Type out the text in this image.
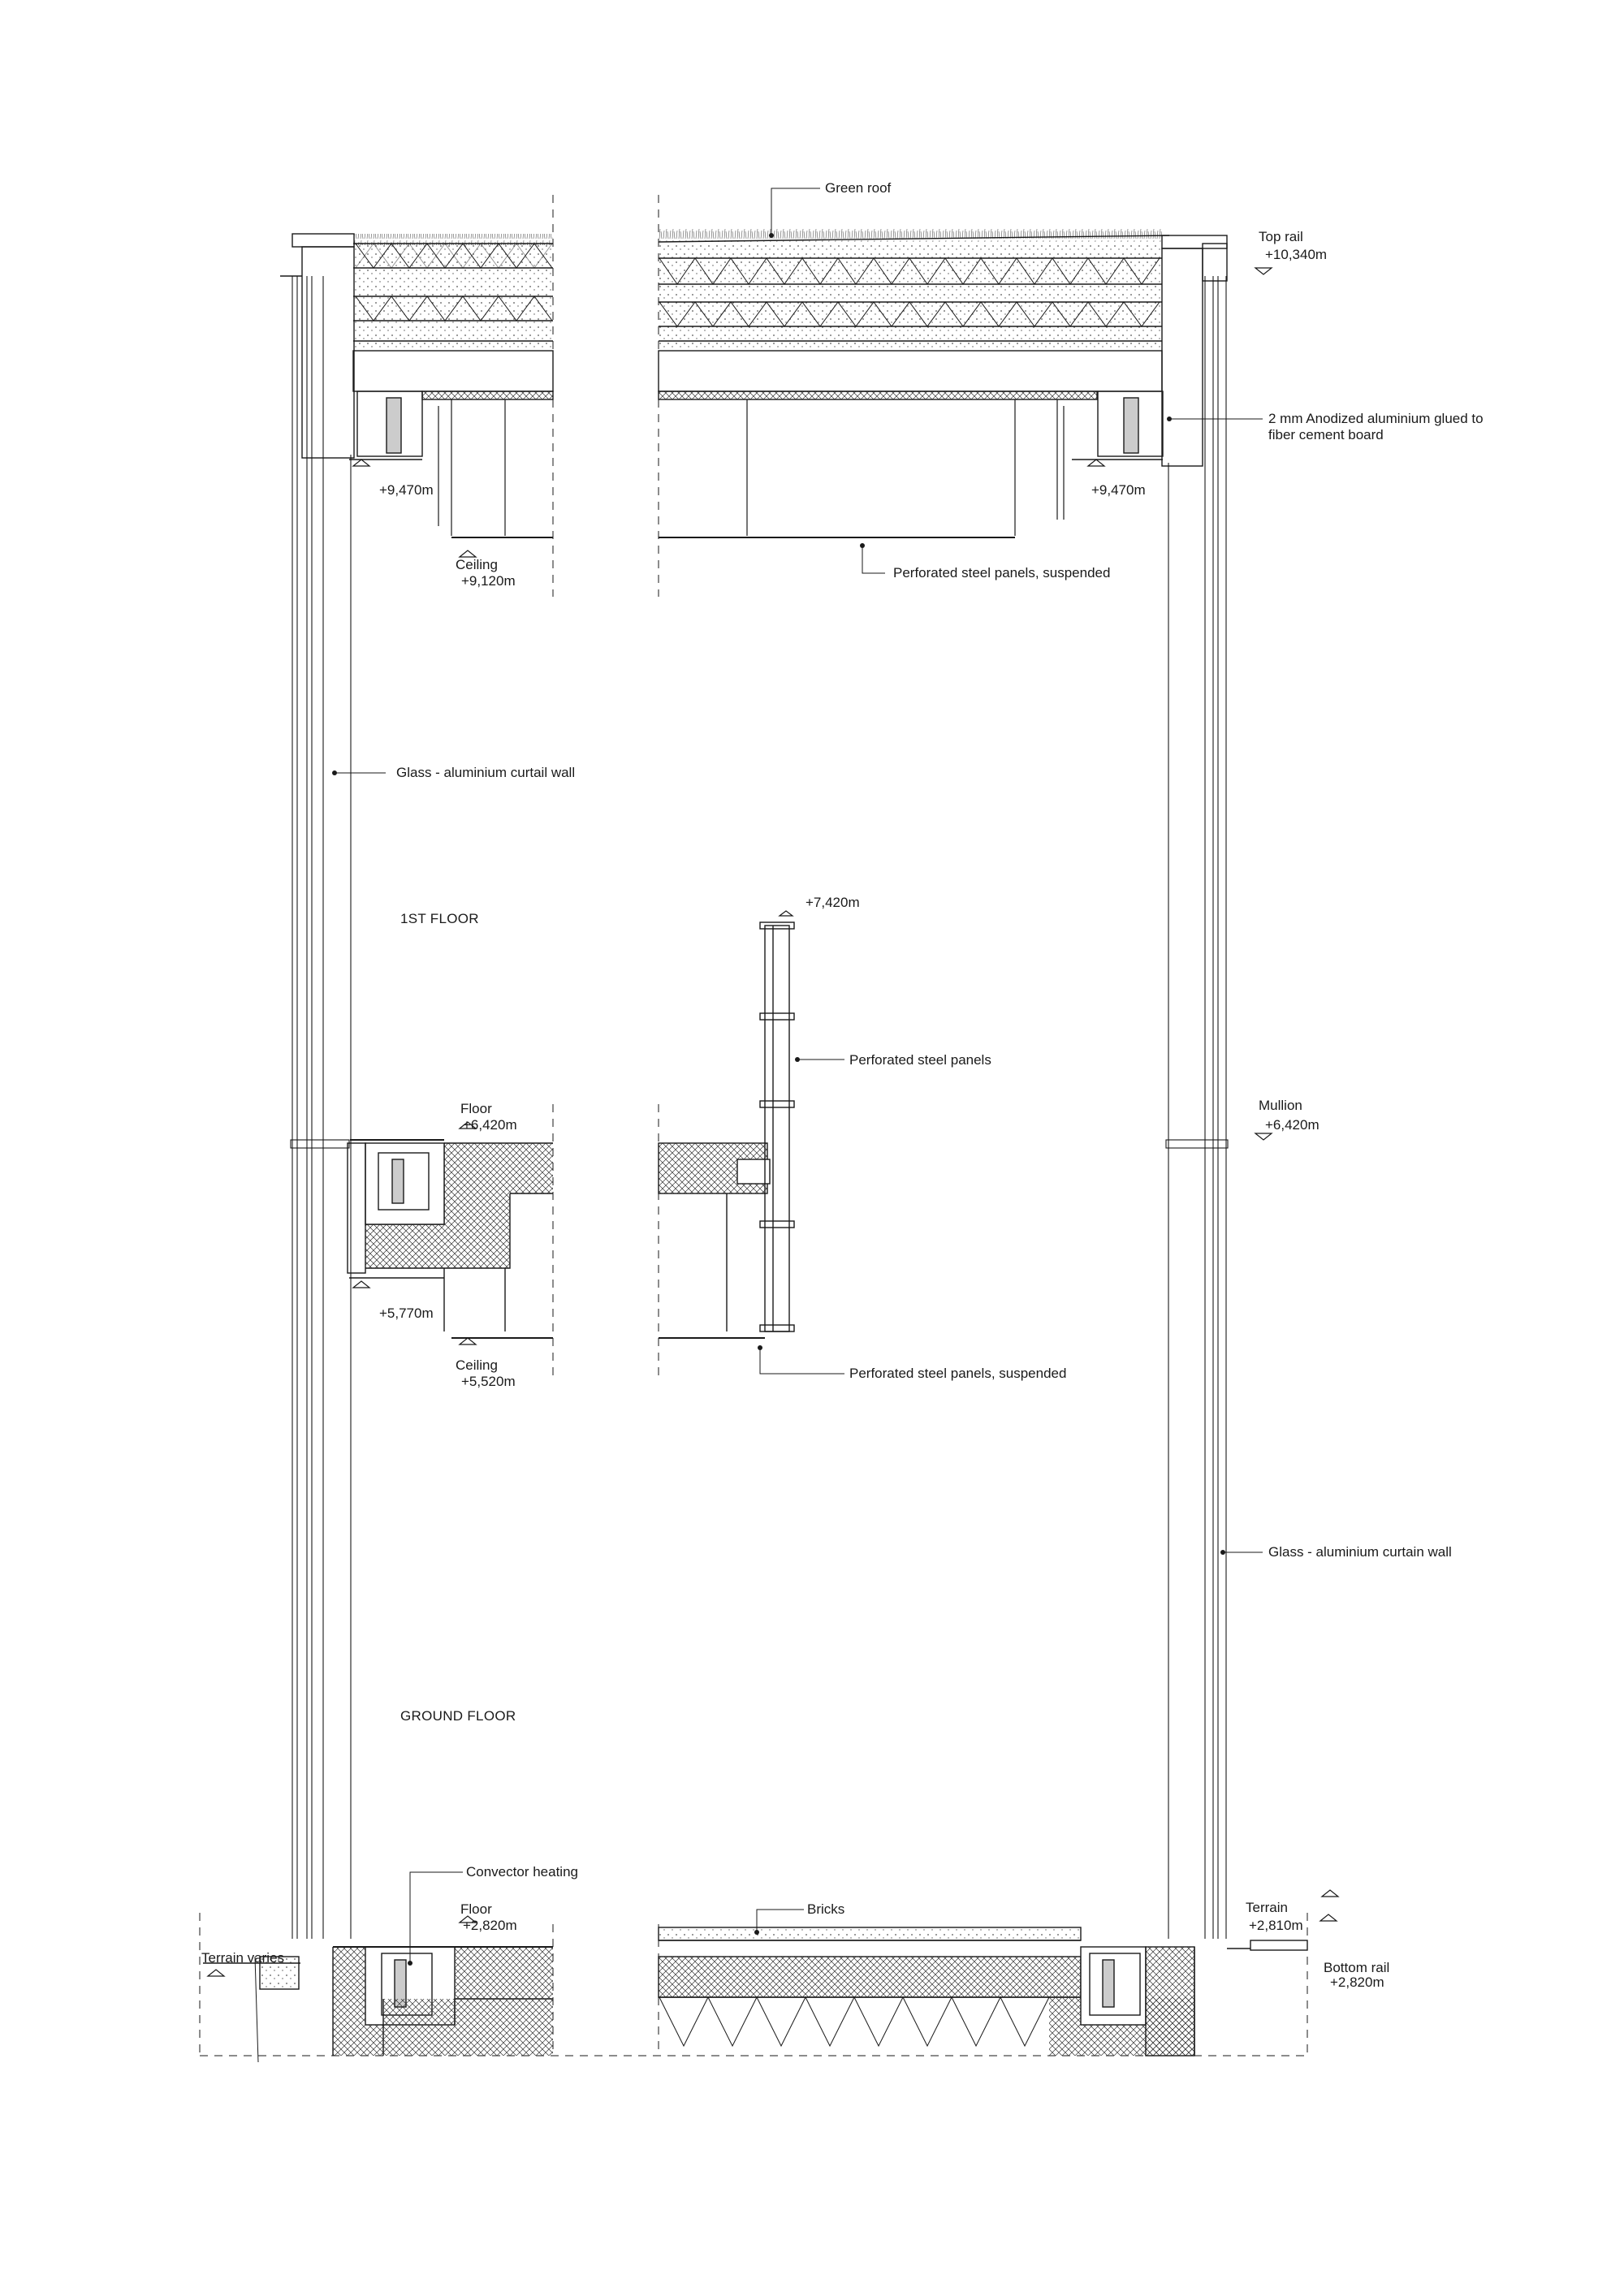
Green roof
Top rail
+10,340m
2 mm Anodized aluminium glued to
fiber cement board
+9,470m	+9,470m
Ceiling
+9,120m
Perforated steel panels, suspended
Glass - aluminium curtail wall
1ST FLOOR
+7,420m
Perforated steel panels
Floor
+6,420m
Mullion
+6,420m
+5,770m
Ceiling
+5,520m
Perforated steel panels, suspended
Glass - aluminium curtain wall
GROUND FLOOR
Convector heating
Floor
+2,820m
Bricks	Terrain
+2,810m
Terrain varies
Bottom rail
+2,820m
